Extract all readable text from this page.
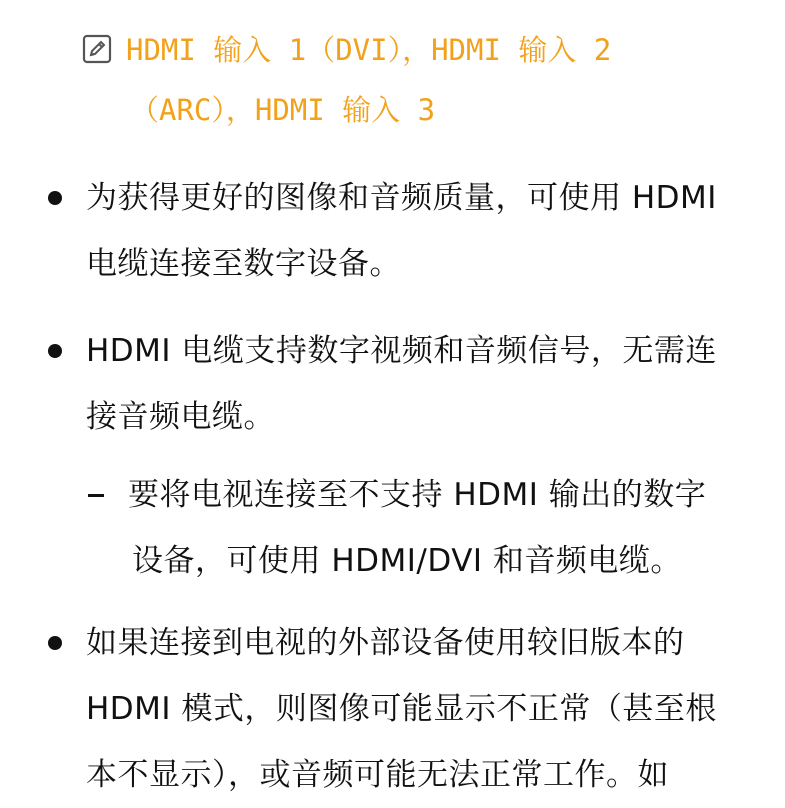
HDMI 输入 1（DVI），HDMI 输入 2
（ARC），HDMI 输入 3
为获得更好的图像和音频质量，可使用 HDMI
电缆连接至数字设备。
HDMI 电缆支持数字视频和音频信号，无需连
接音频电缆。
要将电视连接至不支持 HDMI 输出的数字
设备，可使用 HDMI/DVI 和音频电缆。
如果连接到电视的外部设备使用较旧版本的
HDMI 模式，则图像可能显示不正常（甚至根
本不显示），或音频可能无法正常工作。如
